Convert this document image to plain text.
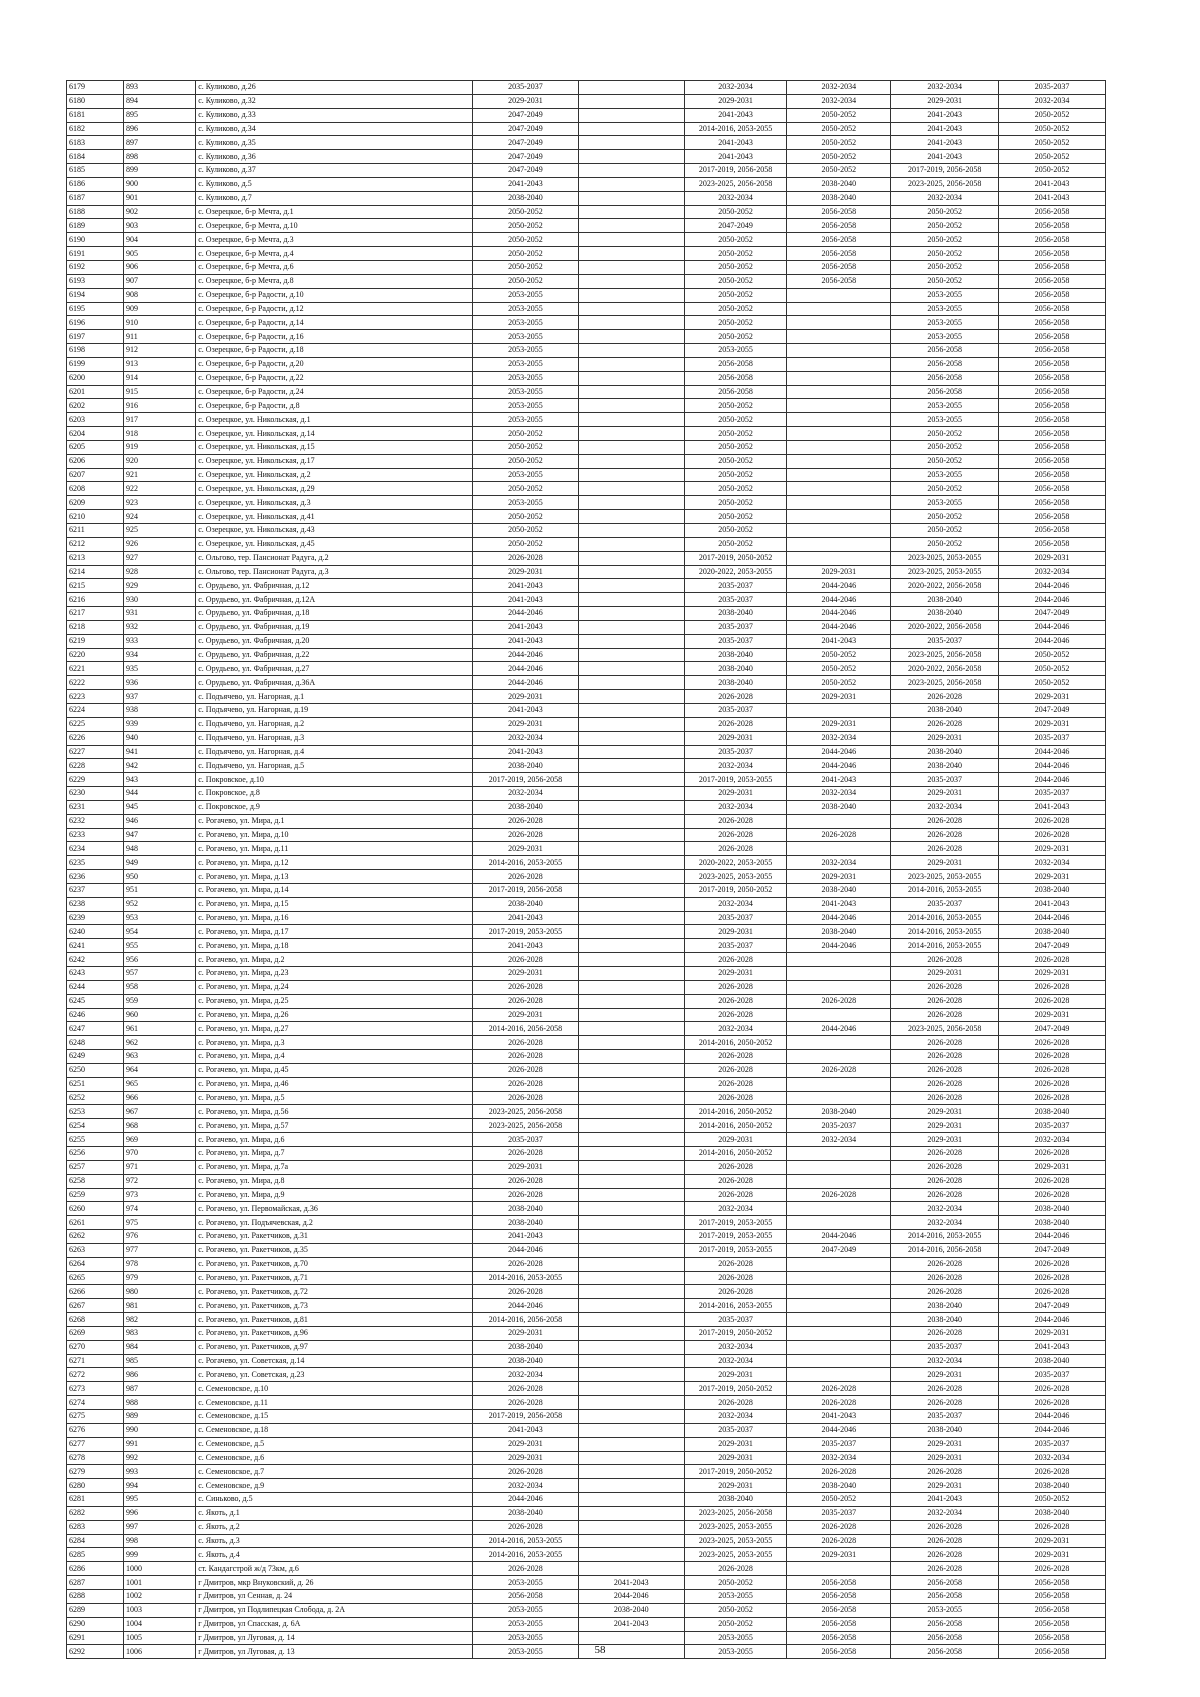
6179	893	с. Куликово, д.26	2035-2037		2032-2034	2032-2034	2032-2034	2035-2037
6180	894	с. Куликово, д.32	2029-2031		2029-2031	2032-2034	2029-2031	2032-2034
6181	895	с. Куликово, д.33	2047-2049		2041-2043	2050-2052	2041-2043	2050-2052
6182	896	с. Куликово, д.34	2047-2049		2014-2016, 2053-2055	2050-2052	2041-2043	2050-2052
6183	897	с. Куликово, д.35	2047-2049		2041-2043	2050-2052	2041-2043	2050-2052
6184	898	с. Куликово, д.36	2047-2049		2041-2043	2050-2052	2041-2043	2050-2052
6185	899	с. Куликово, д.37	2047-2049		2017-2019, 2056-2058	2050-2052	2017-2019, 2056-2058	2050-2052
6186	900	с. Куликово, д.5	2041-2043		2023-2025, 2056-2058	2038-2040	2023-2025, 2056-2058	2041-2043
6187	901	с. Куликово, д.7	2038-2040		2032-2034	2038-2040	2032-2034	2041-2043
6188	902	с. Озерецкое, б-р Мечта, д.1	2050-2052		2050-2052	2056-2058	2050-2052	2056-2058
6189	903	с. Озерецкое, б-р Мечта, д.10	2050-2052		2047-2049	2056-2058	2050-2052	2056-2058
6190	904	с. Озерецкое, б-р Мечта, д.3	2050-2052		2050-2052	2056-2058	2050-2052	2056-2058
6191	905	с. Озерецкое, б-р Мечта, д.4	2050-2052		2050-2052	2056-2058	2050-2052	2056-2058
6192	906	с. Озерецкое, б-р Мечта, д.6	2050-2052		2050-2052	2056-2058	2050-2052	2056-2058
6193	907	с. Озерецкое, б-р Мечта, д.8	2050-2052		2050-2052	2056-2058	2050-2052	2056-2058
6194	908	с. Озерецкое, б-р Радости, д.10	2053-2055		2050-2052		2053-2055	2056-2058
6195	909	с. Озерецкое, б-р Радости, д.12	2053-2055		2050-2052		2053-2055	2056-2058
6196	910	с. Озерецкое, б-р Радости, д.14	2053-2055		2050-2052		2053-2055	2056-2058
6197	911	с. Озерецкое, б-р Радости, д.16	2053-2055		2050-2052		2053-2055	2056-2058
6198	912	с. Озерецкое, б-р Радости, д.18	2053-2055		2053-2055		2056-2058	2056-2058
6199	913	с. Озерецкое, б-р Радости, д.20	2053-2055		2056-2058		2056-2058	2056-2058
6200	914	с. Озерецкое, б-р Радости, д.22	2053-2055		2056-2058		2056-2058	2056-2058
6201	915	с. Озерецкое, б-р Радости, д.24	2053-2055		2056-2058		2056-2058	2056-2058
6202	916	с. Озерецкое, б-р Радости, д.8	2053-2055		2050-2052		2053-2055	2056-2058
6203	917	с. Озерецкое, ул. Никольская, д.1	2053-2055		2050-2052		2053-2055	2056-2058
6204	918	с. Озерецкое, ул. Никольская, д.14	2050-2052		2050-2052		2050-2052	2056-2058
6205	919	с. Озерецкое, ул. Никольская, д.15	2050-2052		2050-2052		2050-2052	2056-2058
6206	920	с. Озерецкое, ул. Никольская, д.17	2050-2052		2050-2052		2050-2052	2056-2058
6207	921	с. Озерецкое, ул. Никольская, д.2	2053-2055		2050-2052		2053-2055	2056-2058
6208	922	с. Озерецкое, ул. Никольская, д.29	2050-2052		2050-2052		2050-2052	2056-2058
6209	923	с. Озерецкое, ул. Никольская, д.3	2053-2055		2050-2052		2053-2055	2056-2058
6210	924	с. Озерецкое, ул. Никольская, д.41	2050-2052		2050-2052		2050-2052	2056-2058
6211	925	с. Озерецкое, ул. Никольская, д.43	2050-2052		2050-2052		2050-2052	2056-2058
6212	926	с. Озерецкое, ул. Никольская, д.45	2050-2052		2050-2052		2050-2052	2056-2058
6213	927	с. Ольгово, тер. Пансионат Радуга, д.2	2026-2028		2017-2019, 2050-2052		2023-2025, 2053-2055	2029-2031
6214	928	с. Ольгово, тер. Пансионат Радуга, д.3	2029-2031		2020-2022, 2053-2055	2029-2031	2023-2025, 2053-2055	2032-2034
6215	929	с. Орудьево, ул. Фабричная, д.12	2041-2043		2035-2037	2044-2046	2020-2022, 2056-2058	2044-2046
6216	930	с. Орудьево, ул. Фабричная, д.12А	2041-2043		2035-2037	2044-2046	2038-2040	2044-2046
6217	931	с. Орудьево, ул. Фабричная, д.18	2044-2046		2038-2040	2044-2046	2038-2040	2047-2049
6218	932	с. Орудьево, ул. Фабричная, д.19	2041-2043		2035-2037	2044-2046	2020-2022, 2056-2058	2044-2046
6219	933	с. Орудьево, ул. Фабричная, д.20	2041-2043		2035-2037	2041-2043	2035-2037	2044-2046
6220	934	с. Орудьево, ул. Фабричная, д.22	2044-2046		2038-2040	2050-2052	2023-2025, 2056-2058	2050-2052
6221	935	с. Орудьево, ул. Фабричная, д.27	2044-2046		2038-2040	2050-2052	2020-2022, 2056-2058	2050-2052
6222	936	с. Орудьево, ул. Фабричная, д.36А	2044-2046		2038-2040	2050-2052	2023-2025, 2056-2058	2050-2052
6223	937	с. Подъячево, ул. Нагорная, д.1	2029-2031		2026-2028	2029-2031	2026-2028	2029-2031
6224	938	с. Подъячево, ул. Нагорная, д.19	2041-2043		2035-2037		2038-2040	2047-2049
6225	939	с. Подъячево, ул. Нагорная, д.2	2029-2031		2026-2028	2029-2031	2026-2028	2029-2031
6226	940	с. Подъячево, ул. Нагорная, д.3	2032-2034		2029-2031	2032-2034	2029-2031	2035-2037
6227	941	с. Подъячево, ул. Нагорная, д.4	2041-2043		2035-2037	2044-2046	2038-2040	2044-2046
6228	942	с. Подъячево, ул. Нагорная, д.5	2038-2040		2032-2034	2044-2046	2038-2040	2044-2046
6229	943	с. Покровское, д.10	2017-2019, 2056-2058		2017-2019, 2053-2055	2041-2043	2035-2037	2044-2046
6230	944	с. Покровское, д.8	2032-2034		2029-2031	2032-2034	2029-2031	2035-2037
6231	945	с. Покровское, д.9	2038-2040		2032-2034	2038-2040	2032-2034	2041-2043
6232	946	с. Рогачево, ул. Мира, д.1	2026-2028		2026-2028		2026-2028	2026-2028
6233	947	с. Рогачево, ул. Мира, д.10	2026-2028		2026-2028	2026-2028	2026-2028	2026-2028
6234	948	с. Рогачево, ул. Мира, д.11	2029-2031		2026-2028		2026-2028	2029-2031
6235	949	с. Рогачево, ул. Мира, д.12	2014-2016, 2053-2055		2020-2022, 2053-2055	2032-2034	2029-2031	2032-2034
6236	950	с. Рогачево, ул. Мира, д.13	2026-2028		2023-2025, 2053-2055	2029-2031	2023-2025, 2053-2055	2029-2031
6237	951	с. Рогачево, ул. Мира, д.14	2017-2019, 2056-2058		2017-2019, 2050-2052	2038-2040	2014-2016, 2053-2055	2038-2040
6238	952	с. Рогачево, ул. Мира, д.15	2038-2040		2032-2034	2041-2043	2035-2037	2041-2043
6239	953	с. Рогачево, ул. Мира, д.16	2041-2043		2035-2037	2044-2046	2014-2016, 2053-2055	2044-2046
6240	954	с. Рогачево, ул. Мира, д.17	2017-2019, 2053-2055		2029-2031	2038-2040	2014-2016, 2053-2055	2038-2040
6241	955	с. Рогачево, ул. Мира, д.18	2041-2043		2035-2037	2044-2046	2014-2016, 2053-2055	2047-2049
6242	956	с. Рогачево, ул. Мира, д.2	2026-2028		2026-2028		2026-2028	2026-2028
6243	957	с. Рогачево, ул. Мира, д.23	2029-2031		2029-2031		2029-2031	2029-2031
6244	958	с. Рогачево, ул. Мира, д.24	2026-2028		2026-2028		2026-2028	2026-2028
6245	959	с. Рогачево, ул. Мира, д.25	2026-2028		2026-2028	2026-2028	2026-2028	2026-2028
6246	960	с. Рогачево, ул. Мира, д.26	2029-2031		2026-2028		2026-2028	2029-2031
6247	961	с. Рогачево, ул. Мира, д.27	2014-2016, 2056-2058		2032-2034	2044-2046	2023-2025, 2056-2058	2047-2049
6248	962	с. Рогачево, ул. Мира, д.3	2026-2028		2014-2016, 2050-2052		2026-2028	2026-2028
6249	963	с. Рогачево, ул. Мира, д.4	2026-2028		2026-2028		2026-2028	2026-2028
6250	964	с. Рогачево, ул. Мира, д.45	2026-2028		2026-2028	2026-2028	2026-2028	2026-2028
6251	965	с. Рогачево, ул. Мира, д.46	2026-2028		2026-2028		2026-2028	2026-2028
6252	966	с. Рогачево, ул. Мира, д.5	2026-2028		2026-2028		2026-2028	2026-2028
6253	967	с. Рогачево, ул. Мира, д.56	2023-2025, 2056-2058		2014-2016, 2050-2052	2038-2040	2029-2031	2038-2040
6254	968	с. Рогачево, ул. Мира, д.57	2023-2025, 2056-2058		2014-2016, 2050-2052	2035-2037	2029-2031	2035-2037
6255	969	с. Рогачево, ул. Мира, д.6	2035-2037		2029-2031	2032-2034	2029-2031	2032-2034
6256	970	с. Рогачево, ул. Мира, д.7	2026-2028		2014-2016, 2050-2052		2026-2028	2026-2028
6257	971	с. Рогачево, ул. Мира, д.7а	2029-2031		2026-2028		2026-2028	2029-2031
6258	972	с. Рогачево, ул. Мира, д.8	2026-2028		2026-2028		2026-2028	2026-2028
6259	973	с. Рогачево, ул. Мира, д.9	2026-2028		2026-2028	2026-2028	2026-2028	2026-2028
6260	974	с. Рогачево, ул. Первомайская, д.36	2038-2040		2032-2034		2032-2034	2038-2040
6261	975	с. Рогачево, ул. Подъячевская, д.2	2038-2040		2017-2019, 2053-2055		2032-2034	2038-2040
6262	976	с. Рогачево, ул. Ракетчиков, д.31	2041-2043		2017-2019, 2053-2055	2044-2046	2014-2016, 2053-2055	2044-2046
6263	977	с. Рогачево, ул. Ракетчиков, д.35	2044-2046		2017-2019, 2053-2055	2047-2049	2014-2016, 2056-2058	2047-2049
6264	978	с. Рогачево, ул. Ракетчиков, д.70	2026-2028		2026-2028		2026-2028	2026-2028
6265	979	с. Рогачево, ул. Ракетчиков, д.71	2014-2016, 2053-2055		2026-2028		2026-2028	2026-2028
6266	980	с. Рогачево, ул. Ракетчиков, д.72	2026-2028		2026-2028		2026-2028	2026-2028
6267	981	с. Рогачево, ул. Ракетчиков, д.73	2044-2046		2014-2016, 2053-2055		2038-2040	2047-2049
6268	982	с. Рогачево, ул. Ракетчиков, д.81	2014-2016, 2056-2058		2035-2037		2038-2040	2044-2046
6269	983	с. Рогачево, ул. Ракетчиков, д.96	2029-2031		2017-2019, 2050-2052		2026-2028	2029-2031
6270	984	с. Рогачево, ул. Ракетчиков, д.97	2038-2040		2032-2034		2035-2037	2041-2043
6271	985	с. Рогачево, ул. Советская, д.14	2038-2040		2032-2034		2032-2034	2038-2040
6272	986	с. Рогачево, ул. Советская, д.23	2032-2034		2029-2031		2029-2031	2035-2037
6273	987	с. Семеновское, д.10	2026-2028		2017-2019, 2050-2052	2026-2028	2026-2028	2026-2028
6274	988	с. Семеновское, д.11	2026-2028		2026-2028	2026-2028	2026-2028	2026-2028
6275	989	с. Семеновское, д.15	2017-2019, 2056-2058		2032-2034	2041-2043	2035-2037	2044-2046
6276	990	с. Семеновское, д.18	2041-2043		2035-2037	2044-2046	2038-2040	2044-2046
6277	991	с. Семеновское, д.5	2029-2031		2029-2031	2035-2037	2029-2031	2035-2037
6278	992	с. Семеновское, д.6	2029-2031		2029-2031	2032-2034	2029-2031	2032-2034
6279	993	с. Семеновское, д.7	2026-2028		2017-2019, 2050-2052	2026-2028	2026-2028	2026-2028
6280	994	с. Семеновское, д.9	2032-2034		2029-2031	2038-2040	2029-2031	2038-2040
6281	995	с. Синьково, д.5	2044-2046		2038-2040	2050-2052	2041-2043	2050-2052
6282	996	с. Якоть, д.1	2038-2040		2023-2025, 2056-2058	2035-2037	2032-2034	2038-2040
6283	997	с. Якоть, д.2	2026-2028		2023-2025, 2053-2055	2026-2028	2026-2028	2026-2028
6284	998	с. Якоть, д.3	2014-2016, 2053-2055		2023-2025, 2053-2055	2026-2028	2026-2028	2029-2031
6285	999	с. Якоть, д.4	2014-2016, 2053-2055		2023-2025, 2053-2055	2029-2031	2026-2028	2029-2031
6286	1000	ст. Кандагстрой ж/д 73км, д.6	2026-2028		2026-2028		2026-2028	2026-2028
6287	1001	г Дмитров, мкр Внуковский, д. 26	2053-2055	2041-2043	2050-2052	2056-2058	2056-2058	2056-2058
6288	1002	г Дмитров, ул Сенная, д. 24	2056-2058	2044-2046	2053-2055	2056-2058	2056-2058	2056-2058
6289	1003	г Дмитров, ул Подлипецкая Слобода, д. 2А	2053-2055	2038-2040	2050-2052	2056-2058	2053-2055	2056-2058
6290	1004	г Дмитров, ул Спасская, д. 6А	2053-2055	2041-2043	2050-2052	2056-2058	2056-2058	2056-2058
6291	1005	г Дмитров, ул Луговая, д. 14	2053-2055		2053-2055	2056-2058	2056-2058	2056-2058
6292	1006	г Дмитров, ул Луговая, д. 13	2053-2055		2053-2055	2056-2058	2056-2058	2056-2058
58
